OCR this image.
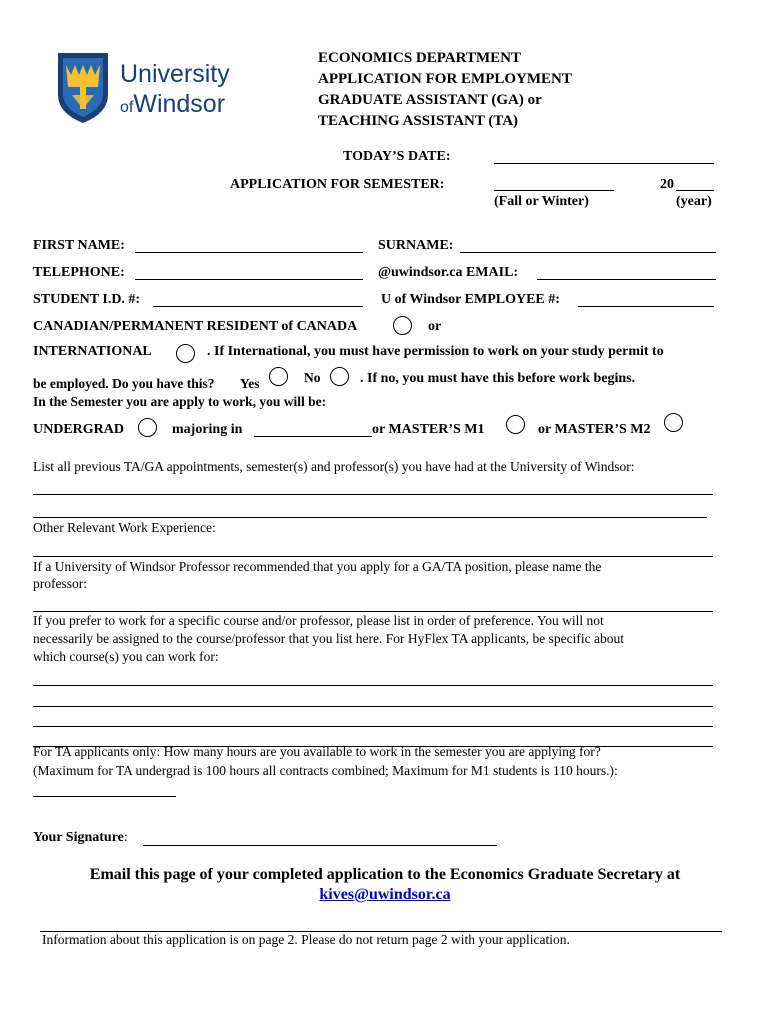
University
ofWindsor
ECONOMICS DEPARTMENT
APPLICATION FOR EMPLOYMENT
GRADUATE ASSISTANT (GA) or
TEACHING ASSISTANT (TA)
TODAY’S DATE:
APPLICATION FOR SEMESTER:	20
(Fall or Winter)	(year)
FIRST NAME:	SURNAME:
TELEPHONE:	@uwindsor.ca EMAIL:
STUDENT I.D. #:	U of Windsor EMPLOYEE #:
CANADIAN/PERMANENT RESIDENT of CANADA	or
INTERNATIONAL	. If International, you must have permission to work on your study permit to
be employed. Do you have this? Yes	No	. If no, you must have this before work begins.
In the Semester you are apply to work, you will be:
UNDERGRAD	majoring in	or MASTER’S M1	or MASTER’S M2
List all previous TA/GA appointments, semester(s) and professor(s) you have had at the University of Windsor:
Other Relevant Work Experience:
If a University of Windsor Professor recommended that you apply for a GA/TA position, please name the
professor:
If you prefer to work for a specific course and/or professor, please list in order of preference. You will not
necessarily be assigned to the course/professor that you list here. For HyFlex TA applicants, be specific about
which course(s) you can work for:
For TA applicants only: How many hours are you available to work in the semester you are applying for?
(Maximum for TA undergrad is 100 hours all contracts combined; Maximum for M1 students is 110 hours.):
Your Signature:
Email this page of your completed application to the Economics Graduate Secretary at
kives@uwindsor.ca
Information about this application is on page 2. Please do not return page 2 with your application.
